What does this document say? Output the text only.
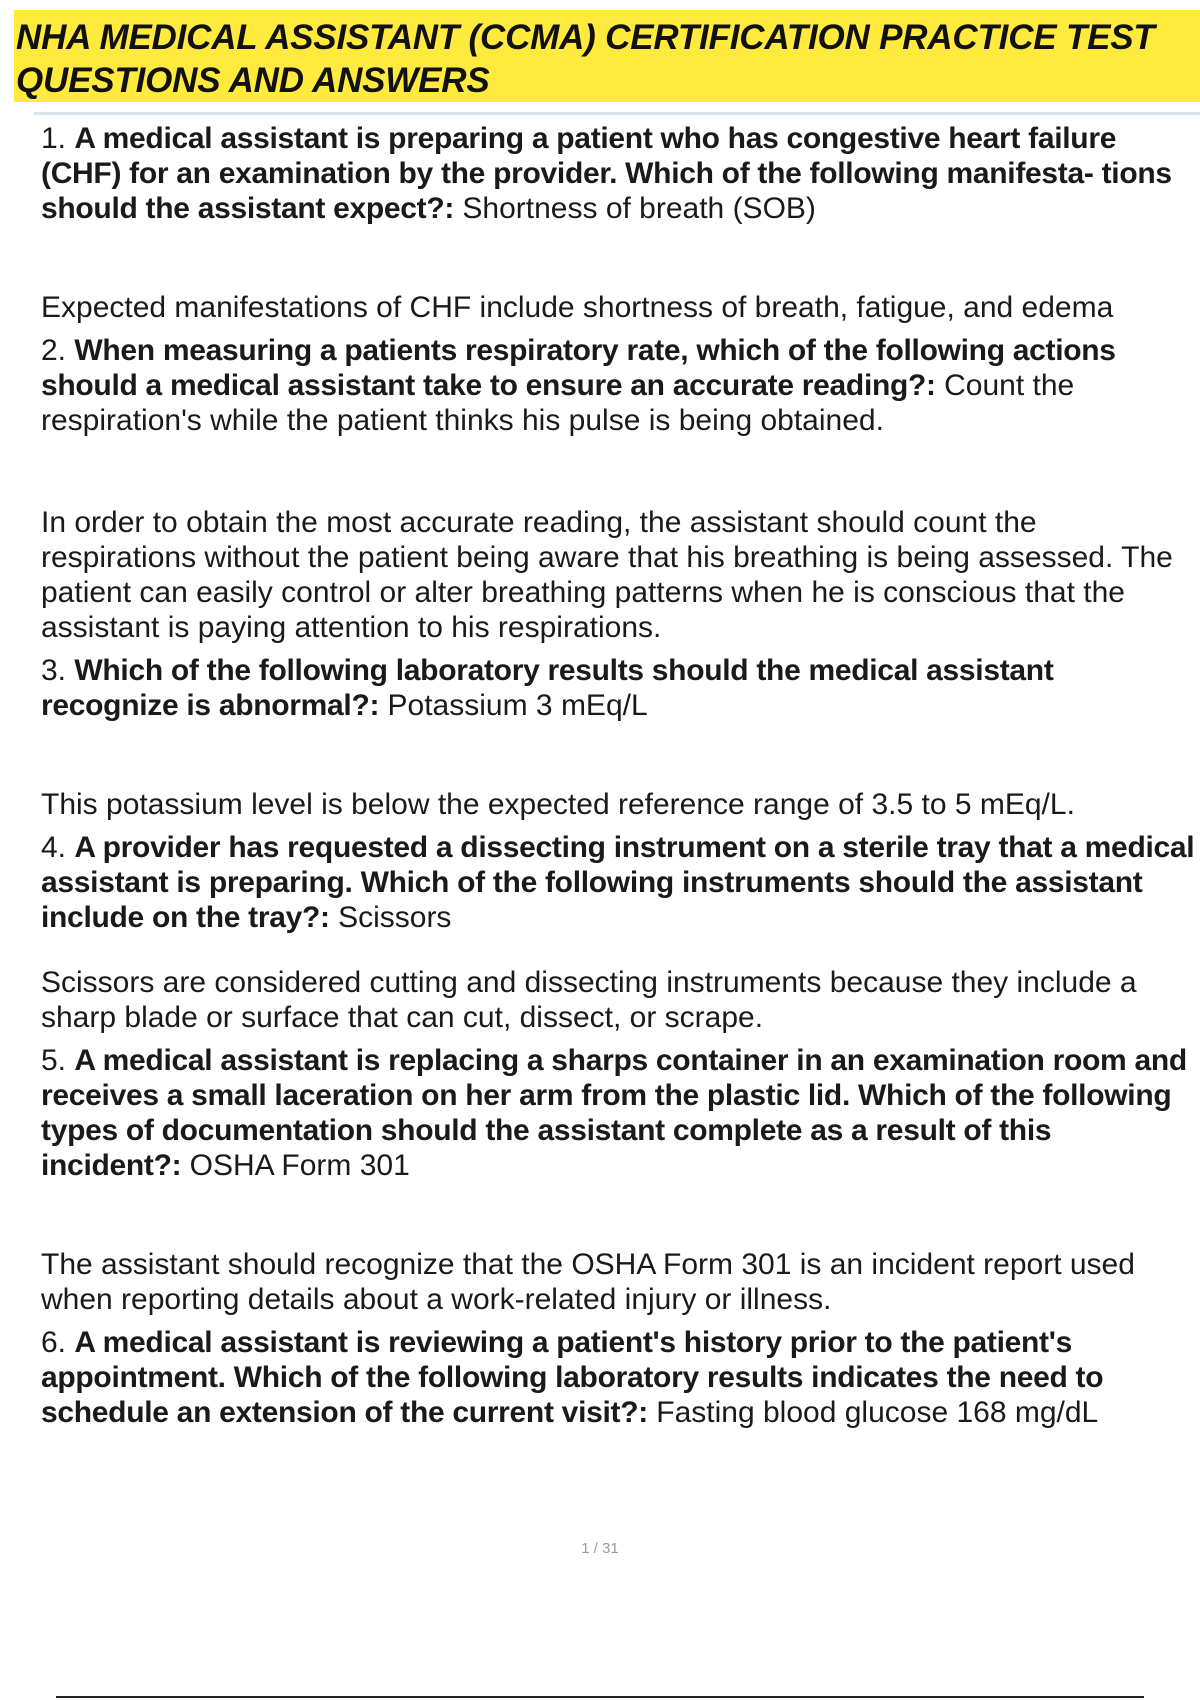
NHA MEDICAL ASSISTANT (CCMA) CERTIFICATION PRACTICE TEST
QUESTIONS AND ANSWERS

1. A medical assistant is preparing a patient who has congestive heart failure (CHF) for an examination by the provider. Which of the following manifesta- tions should the assistant expect?: Shortness of breath (SOB)

Expected manifestations of CHF include shortness of breath, fatigue, and edema

2. When measuring a patients respiratory rate, which of the following actions should a medical assistant take to ensure an accurate reading?: Count the respiration's while the patient thinks his pulse is being obtained.

In order to obtain the most accurate reading, the assistant should count the respirations without the patient being aware that his breathing is being assessed. The patient can easily control or alter breathing patterns when he is conscious that the assistant is paying attention to his respirations.

3. Which of the following laboratory results should the medical assistant recognize is abnormal?: Potassium 3 mEq/L

This potassium level is below the expected reference range of 3.5 to 5 mEq/L.

4. A provider has requested a dissecting instrument on a sterile tray that a medical assistant is preparing. Which of the following instruments should the assistant include on the tray?: Scissors

Scissors are considered cutting and dissecting instruments because they include a sharp blade or surface that can cut, dissect, or scrape.

5. A medical assistant is replacing a sharps container in an examination room and receives a small laceration on her arm from the plastic lid. Which of the following types of documentation should the assistant complete as a result of this incident?: OSHA Form 301

The assistant should recognize that the OSHA Form 301 is an incident report used when reporting details about a work-related injury or illness.

6. A medical assistant is reviewing a patient's history prior to the patient's appointment. Which of the following laboratory results indicates the need to schedule an extension of the current visit?: Fasting blood glucose 168 mg/dL

1 / 31
